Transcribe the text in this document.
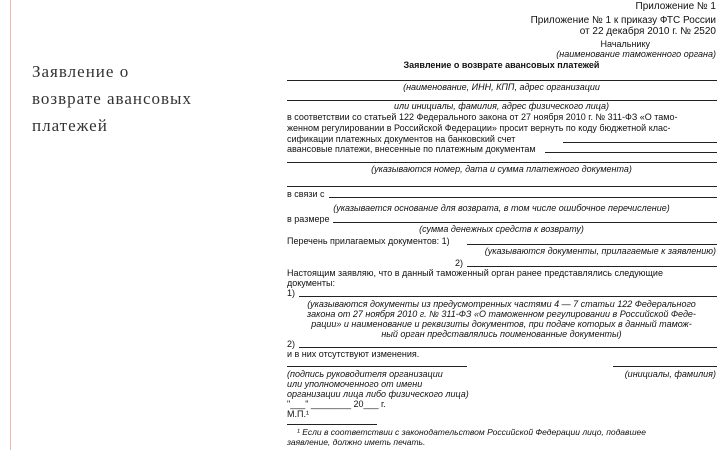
Заявление о
возврате авансовых
платежей
Приложение № 1
Приложение № 1 к приказу ФТС России
от 22 декабря 2010 г. № 2520
Начальнику
(наименование таможенного органа)
Заявление о возврате авансовых платежей
(наименование, ИНН, КПП, адрес организации
или инициалы, фамилия, адрес физического лица)
в соответствии со статьей 122 Федерального закона от 27 ноября 2010 г. № 311-ФЗ «О тамо-
женном регулировании в Российской Федерации» просит вернуть по коду бюджетной клас-
сификации платежных документов на банковский счет
авансовые платежи, внесенные по платежным документам
(указываются номер, дата и сумма платежного документа)
в связи с
(указывается основание для возврата, в том числе ошибочное перечисление)
в размере
(сумма денежных средств к возврату)
Перечень прилагаемых документов: 1)
(указываются документы, прилагаемые к заявлению)
2)
Настоящим заявляю, что в данный таможенный орган ранее представлялись следующие
документы:
1)
(указываются документы из предусмотренных частями 4 — 7 статьи 122 Федерального
закона от 27 ноября 2010 г. № 311-ФЗ «О таможенном регулировании в Российской Феде-
рации» и наименование и реквизиты документов, при подаче которых в данный тамож-
ный орган представлялись поименованные документы)
2)
и в них отсутствуют изменения.
(подпись руководителя организации	(инициалы, фамилия)
или уполномоченного от имени
организации лица либо физического лица)
"___" ________ 20___ г.
М.П.¹
¹ Если в соответствии с законодательством Российской Федерации лицо, подавшее
заявление, должно иметь печать.
